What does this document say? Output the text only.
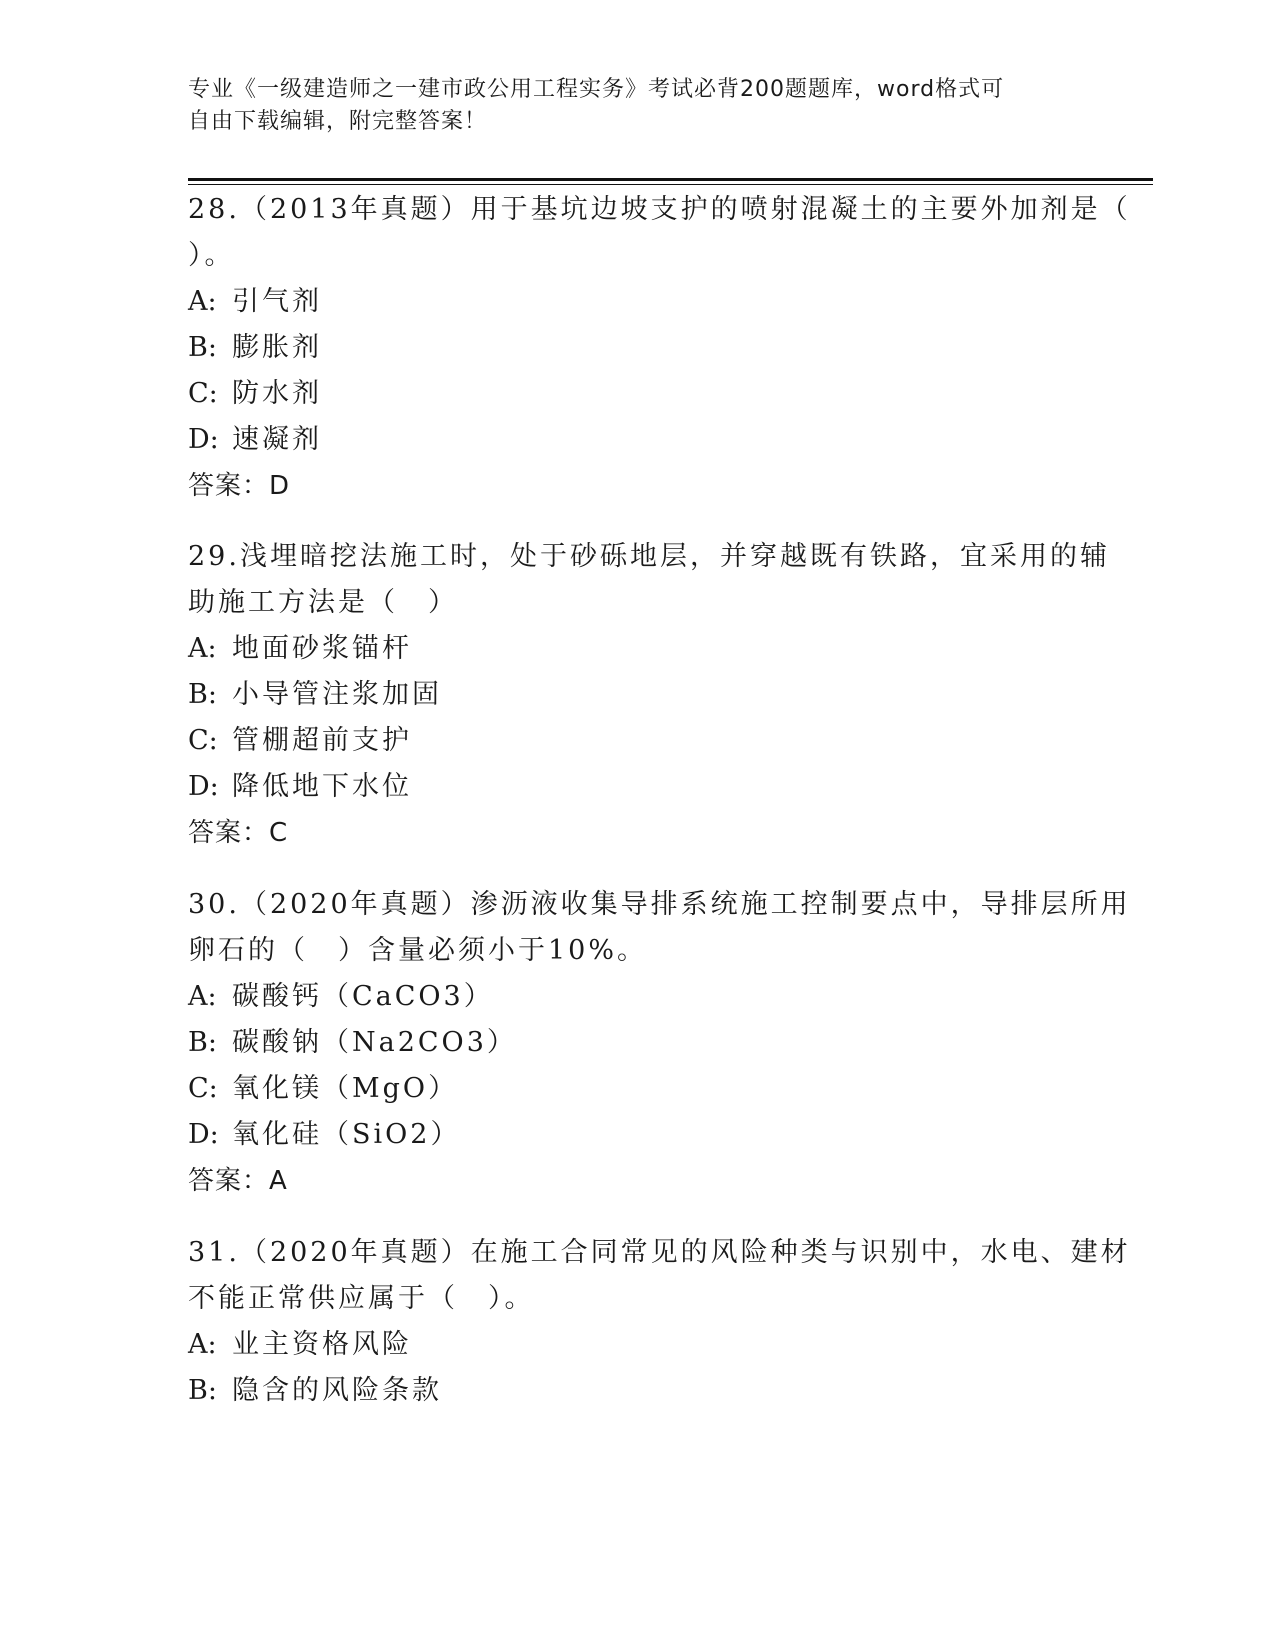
专业《一级建造师之一建市政公用工程实务》考试必背200题题库，word格式可
自由下载编辑，附完整答案！
28.（2013年真题）用于基坑边坡支护的喷射混凝土的主要外加剂是（
）。
A: 引气剂
B: 膨胀剂
C: 防水剂
D: 速凝剂
答案：D
29.浅埋暗挖法施工时，处于砂砾地层，并穿越既有铁路，宜采用的辅
助施工方法是（　）
A: 地面砂浆锚杆
B: 小导管注浆加固
C: 管棚超前支护
D: 降低地下水位
答案：C
30.（2020年真题）渗沥液收集导排系统施工控制要点中，导排层所用
卵石的（　）含量必须小于10%。
A: 碳酸钙（CaCO3）
B: 碳酸钠（Na2CO3）
C: 氧化镁（MgO）
D: 氧化硅（SiO2）
答案：A
31.（2020年真题）在施工合同常见的风险种类与识别中，水电、建材
不能正常供应属于（　）。
A: 业主资格风险
B: 隐含的风险条款
